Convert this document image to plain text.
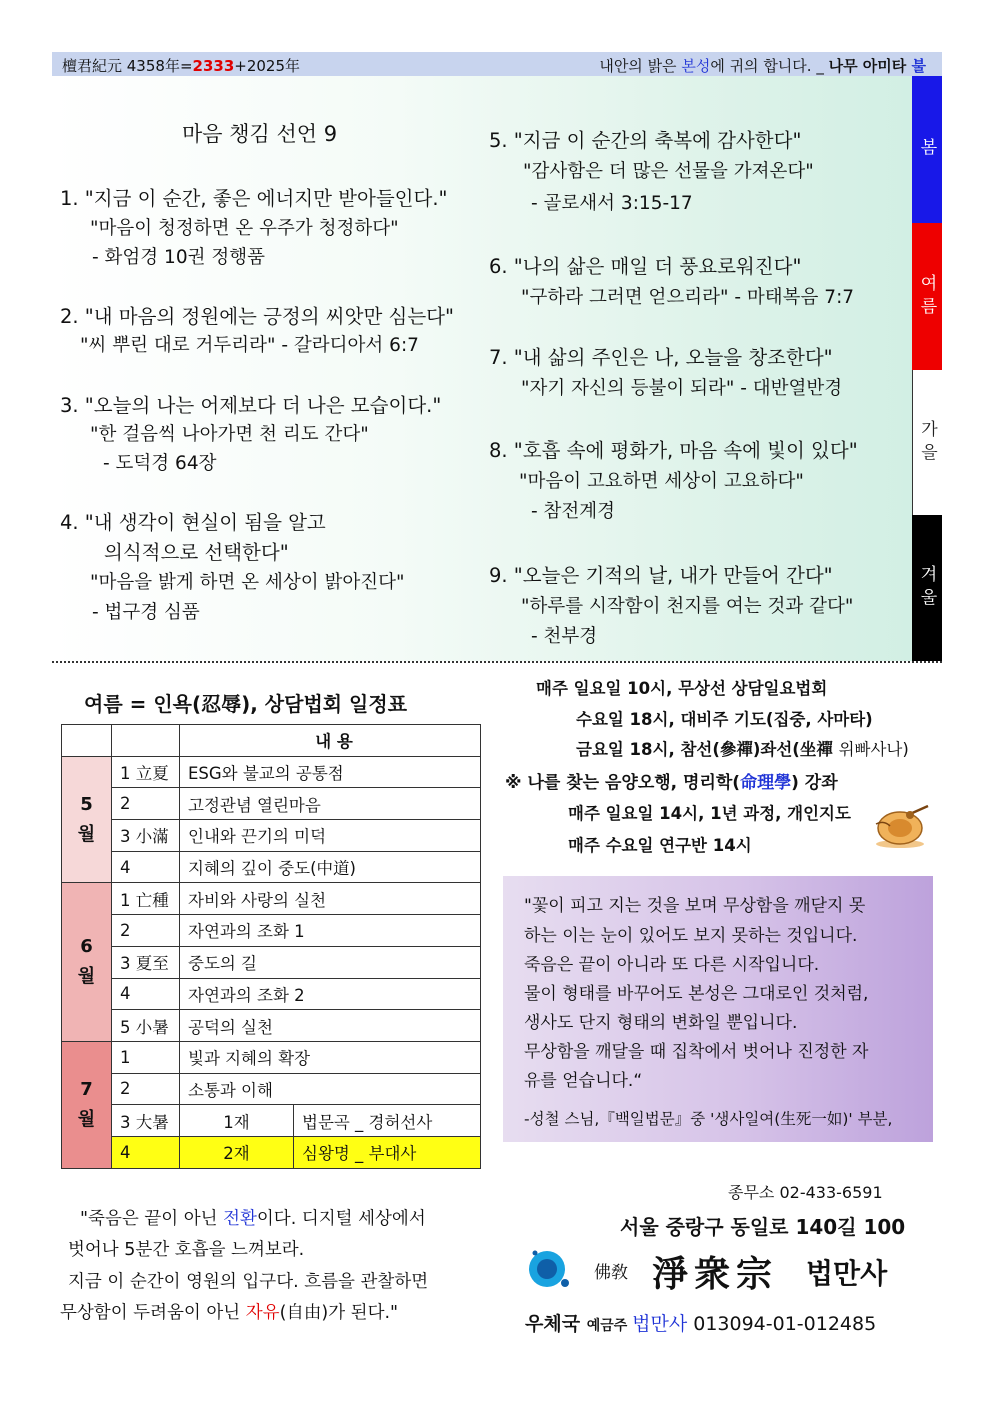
檀君紀元 4358年=2333+2025年	내안의 밝은 본성에 귀의 합니다. _ 나무 아미타 불
봄
여름
가을
겨울
마음 챙김 선언 9
1. "지금 이 순간, 좋은 에너지만 받아들인다."
"마음이 청정하면 온 우주가 청정하다"
- 화엄경 10권 정행품
2. "내 마음의 정원에는 긍정의 씨앗만 심는다"
"씨 뿌린 대로 거두리라" - 갈라디아서 6:7
3. "오늘의 나는 어제보다 더 나은 모습이다."
"한 걸음씩 나아가면 천 리도 간다"
- 도덕경 64장
4. "내 생각이 현실이 됨을 알고
의식적으로 선택한다"
"마음을 밝게 하면 온 세상이 밝아진다"
- 법구경 심품
5. "지금 이 순간의 축복에 감사한다"
"감사함은 더 많은 선물을 가져온다"
- 골로새서 3:15-17
6. "나의 삶은 매일 더 풍요로워진다"
"구하라 그러면 얻으리라" - 마태복음 7:7
7. "내 삶의 주인은 나, 오늘을 창조한다"
"자기 자신의 등불이 되라" - 대반열반경
8. "호흡 속에 평화가, 마음 속에 빛이 있다"
"마음이 고요하면 세상이 고요하다"
- 참전계경
9. "오늘은 기적의 날, 내가 만들어 간다"
"하루를 시작함이 천지를 여는 것과 같다"
- 천부경
여름 = 인욕(忍辱), 상담법회 일정표
		내 용	

5
월	1 立夏	ESG와 불교의 공통점	
	2	고정관념 열린마음	
	3 小滿	인내와 끈기의 미덕	
	4	지혜의 깊이 중도(中道)	

6
월	1 亡種	자비와 사랑의 실천	
	2	자연과의 조화 1	
	3 夏至	중도의 길	
	4	자연과의 조화 2	
	5 小暑	공덕의 실천	

7
월	1	빛과 지혜의 확장	
	2	소통과 이해	
	3 大暑	1재	법문곡 _ 경허선사
	4	2재	심왕명 _ 부대사
매주 일요일 10시, 무상선 상담일요법회
수요일 18시, 대비주 기도(집중, 사마타)
금요일 18시, 참선(參禪)좌선(坐禪 위빠사나)
※ 나를 찾는 음양오행, 명리학(命理學) 강좌
매주 일요일 14시, 1년 과정, 개인지도
매주 수요일 연구반 14시
"꽃이 피고 지는 것을 보며 무상함을 깨닫지 못
하는 이는 눈이 있어도 보지 못하는 것입니다.
죽음은 끝이 아니라 또 다른 시작입니다.
물이 형태를 바꾸어도 본성은 그대로인 것처럼,
생사도 단지 형태의 변화일 뿐입니다.
무상함을 깨달을 때 집착에서 벗어나 진정한 자
유를 얻습니다.“
-성철 스님,『백일법문』중 '생사일여(生死一如)' 부분,
"죽음은 끝이 아닌 전환이다. 디지털 세상에서
벗어나 5분간 호흡을 느껴보라.
지금 이 순간이 영원의 입구다. 흐름을 관찰하면
무상함이 두려움이 아닌 자유(自由)가 된다."
종무소 02-433-6591
서울 중랑구 동일로 140길 100
佛敎 淨衆宗 법만사
우체국 예금주 법만사 013094-01-012485
